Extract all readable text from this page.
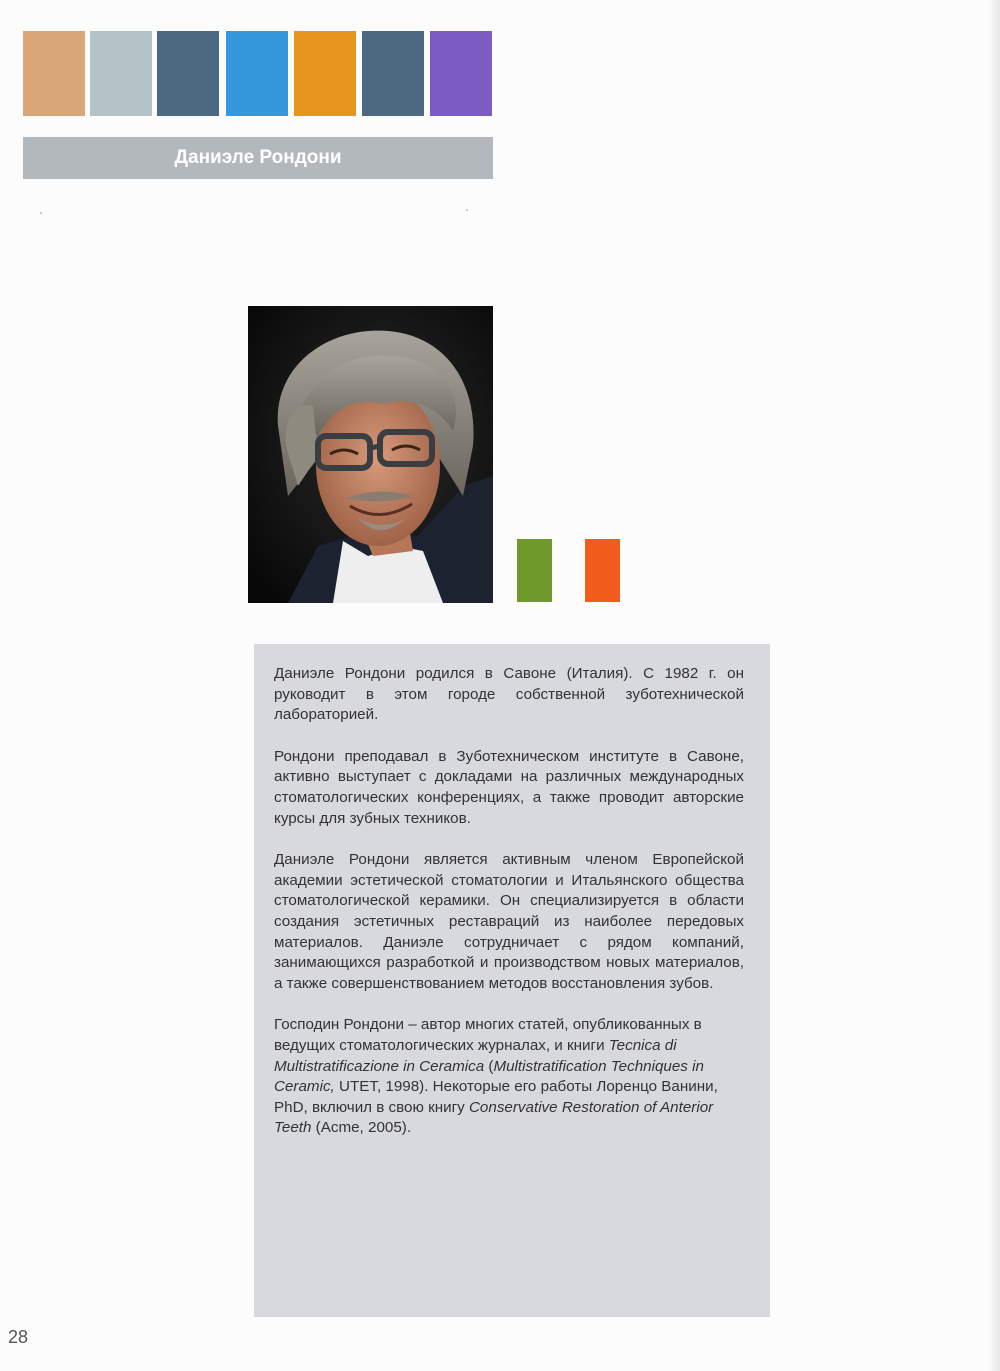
Даниэле Рондони

Даниэле Рондони родился в Савоне (Италия). С 1982 г. он руководит в этом городе собственной зуботехнической лабораторией.

Рондони преподавал в Зуботехническом институте в Савоне, активно выступает с докладами на различных международных стоматологических конференциях, а также проводит авторские курсы для зубных техников.

Даниэле Рондони является активным членом Европейской академии эстетической стоматологии и Итальянского общества стоматологической керамики. Он специализируется в области создания эстетичных реставраций из наиболее передовых материалов. Даниэле сотрудничает с рядом компаний, занимающихся разработкой и производством новых материалов, а также совершенствованием методов восстановления зубов.

Господин Рондони – автор многих статей, опубликованных в ведущих стоматологических журналах, и книги Tecnica di Multistratificazione in Ceramica (Multistratification Techniques in Ceramic, UTET, 1998). Некоторые его работы Лоренцо Ванини, PhD, включил в свою книгу Conservative Restoration of Anterior Teeth (Acme, 2005).

28
